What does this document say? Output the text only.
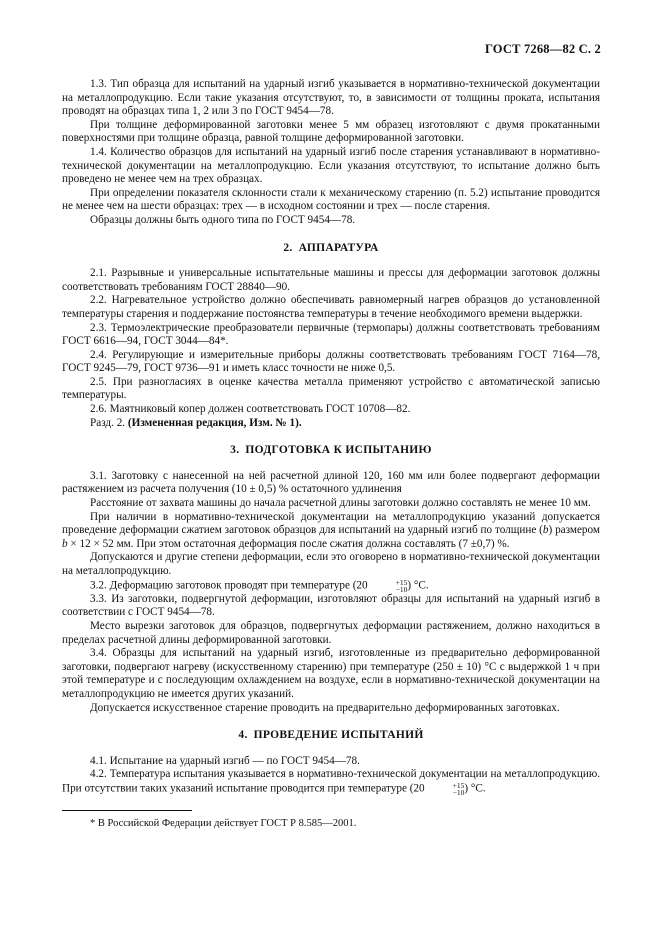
ГОСТ 7268—82 С. 2

1.3. Тип образца для испытаний на ударный изгиб указывается в нормативно-технической документации на металлопродукцию. Если такие указания отсутствуют, то, в зависимости от толщины проката, испытания проводят на образцах типа 1, 2 или 3 по ГОСТ 9454—78.

При толщине деформированной заготовки менее 5 мм образец изготовляют с двумя прокатанными поверхностями при толщине образца, равной толщине деформированной заготовки.

1.4. Количество образцов для испытаний на ударный изгиб после старения устанавливают в нормативно-технической документации на металлопродукцию. Если указания отсутствуют, то испытание должно быть проведено не менее чем на трех образцах.

При определении показателя склонности стали к механическому старению (п. 5.2) испытание проводится не менее чем на шести образцах: трех — в исходном состоянии и трех — после старения.

Образцы должны быть одного типа по ГОСТ 9454—78.

2. АППАРАТУРА

2.1. Разрывные и универсальные испытательные машины и прессы для деформации заготовок должны соответствовать требованиям ГОСТ 28840—90.

2.2. Нагревательное устройство должно обеспечивать равномерный нагрев образцов до установленной температуры старения и поддержание постоянства температуры в течение необходимого времени выдержки.

2.3. Термоэлектрические преобразователи первичные (термопары) должны соответствовать требованиям ГОСТ 6616—94, ГОСТ 3044—84*.

2.4. Регулирующие и измерительные приборы должны соответствовать требованиям ГОСТ 7164—78, ГОСТ 9245—79, ГОСТ 9736—91 и иметь класс точности не ниже 0,5.

2.5. При разногласиях в оценке качества металла применяют устройство с автоматической записью температуры.

2.6. Маятниковый копер должен соответствовать ГОСТ 10708—82.

Разд. 2. (Измененная редакция, Изм. № 1).

3. ПОДГОТОВКА К ИСПЫТАНИЮ

3.1. Заготовку с нанесенной на ней расчетной длиной 120, 160 мм или более подвергают деформации растяжением из расчета получения (10 ± 0,5) % остаточного удлинения

Расстояние от захвата машины до начала расчетной длины заготовки должно составлять не менее 10 мм.

При наличии в нормативно-технической документации на металлопродукцию указаний допускается проведение деформации сжатием заготовок образцов для испытаний на ударный изгиб по толщине (b) размером b × 12 × 52 мм. При этом остаточная деформация после сжатия должна составлять (7 ±0,7) %.

Допускаются и другие степени деформации, если это оговорено в нормативно-технической документации на металлопродукцию.

3.2. Деформацию заготовок проводят при температуре (20	+15
−10 ) °C.

3.3. Из заготовки, подвергнутой деформации, изготовляют образцы для испытаний на ударный изгиб в соответствии с ГОСТ 9454—78.

Место вырезки заготовок для образцов, подвергнутых деформации растяжением, должно находиться в пределах расчетной длины деформированной заготовки.

3.4. Образцы для испытаний на ударный изгиб, изготовленные из предварительно деформированной заготовки, подвергают нагреву (искусственному старению) при температуре (250 ± 10) °C с выдержкой 1 ч при этой температуре и с последующим охлаждением на воздухе, если в нормативно-технической документации на металлопродукцию не имеется других указаний.

Допускается искусственное старение проводить на предварительно деформированных заготовках.

4. ПРОВЕДЕНИЕ ИСПЫТАНИЙ

4.1. Испытание на ударный изгиб — по ГОСТ 9454—78.

4.2. Температура испытания указывается в нормативно-технической документации на металлопродукцию. При отсутствии таких указаний испытание проводится при температуре (20	+15
−10 ) °C.

* В Российской Федерации действует ГОСТ Р 8.585—2001.
